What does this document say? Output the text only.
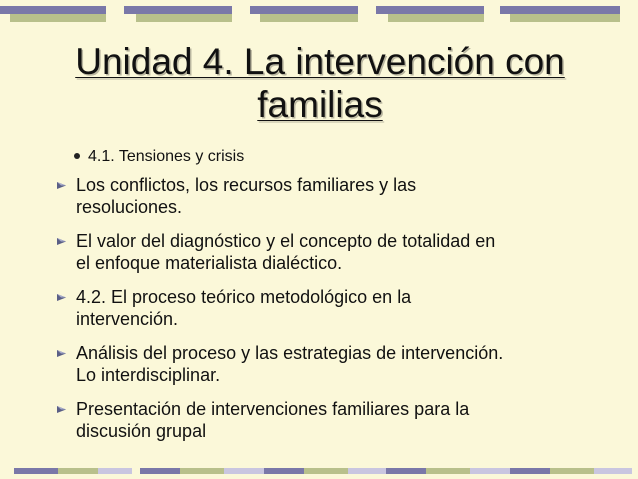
Unidad 4. La intervención con
familias
4.1. Tensiones y crisis
Los conflictos, los recursos familiares y las
resoluciones.
El valor del diagnóstico y el concepto de totalidad en
el enfoque materialista dialéctico.
4.2. El proceso teórico metodológico en la
intervención.
Análisis del proceso y las estrategias de intervención.
Lo interdisciplinar.
Presentación de intervenciones familiares para la
discusión grupal
